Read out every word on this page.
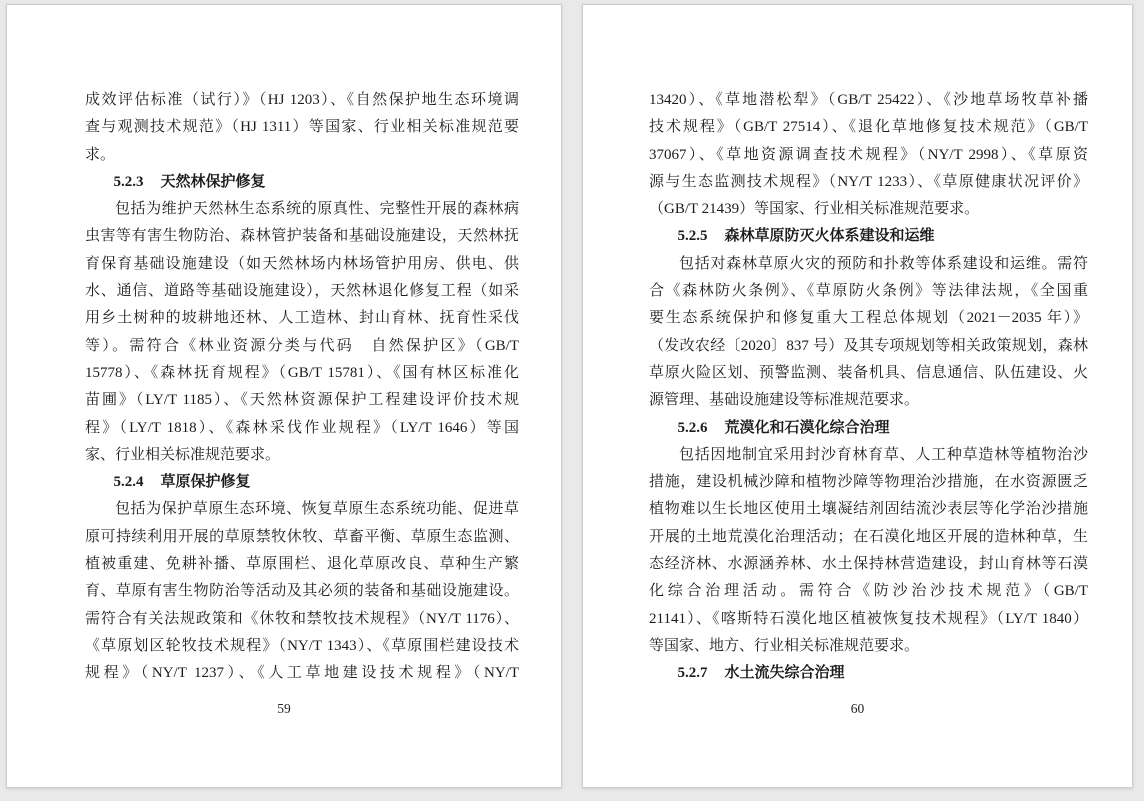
成效评估标准（试行）》（HJ 1203）、《自然保护地生态环境调
查与观测技术规范》（HJ 1311）等国家、行业相关标准规范要
求。
5.2.3 天然林保护修复
包括为维护天然林生态系统的原真性、完整性开展的森林病
虫害等有害生物防治、森林管护装备和基础设施建设，天然林抚
育保育基础设施建设（如天然林场内林场管护用房、供电、供
水、通信、道路等基础设施建设），天然林退化修复工程（如采
用乡土树种的坡耕地还林、人工造林、封山育林、抚育性采伐
等）。需符合《林业资源分类与代码　自然保护区》（GB/T
15778）、《森林抚育规程》（GB/T 15781）、《国有林区标准化
苗圃》（LY/T 1185）、《天然林资源保护工程建设评价技术规
程》（LY/T 1818）、《森林采伐作业规程》（LY/T 1646）等国
家、行业相关标准规范要求。
5.2.4 草原保护修复
包括为保护草原生态环境、恢复草原生态系统功能、促进草
原可持续利用开展的草原禁牧休牧、草畜平衡、草原生态监测、
植被重建、免耕补播、草原围栏、退化草原改良、草种生产繁
育、草原有害生物防治等活动及其必须的装备和基础设施建设。
需符合有关法规政策和《休牧和禁牧技术规程》（NY/T 1176）、
《草原划区轮牧技术规程》（NY/T 1343）、《草原围栏建设技术
规程》（NY/T 1237）、《人工草地建设技术规程》（NY/T
59
13420）、《草地潜松犁》（GB/T 25422）、《沙地草场牧草补播
技术规程》（GB/T 27514）、《退化草地修复技术规范》（GB/T
37067）、《草地资源调查技术规程》（NY/T 2998）、《草原资
源与生态监测技术规程》（NY/T 1233）、《草原健康状况评价》
（GB/T 21439）等国家、行业相关标准规范要求。
5.2.5 森林草原防灭火体系建设和运维
包括对森林草原火灾的预防和扑救等体系建设和运维。需符
合《森林防火条例》、《草原防火条例》等法律法规，《全国重
要生态系统保护和修复重大工程总体规划（2021－2035 年）》
（发改农经〔2020〕837 号）及其专项规划等相关政策规划，森林
草原火险区划、预警监测、装备机具、信息通信、队伍建设、火
源管理、基础设施建设等标准规范要求。
5.2.6 荒漠化和石漠化综合治理
包括因地制宜采用封沙育林育草、人工种草造林等植物治沙
措施，建设机械沙障和植物沙障等物理治沙措施，在水资源匮乏
植物难以生长地区使用土壤凝结剂固结流沙表层等化学治沙措施
开展的土地荒漠化治理活动；在石漠化地区开展的造林种草，生
态经济林、水源涵养林、水土保持林营造建设，封山育林等石漠
化综合治理活动。需符合《防沙治沙技术规范》（GB/T
21141）、《喀斯特石漠化地区植被恢复技术规程》（LY/T 1840）
等国家、地方、行业相关标准规范要求。
5.2.7 水土流失综合治理
60
